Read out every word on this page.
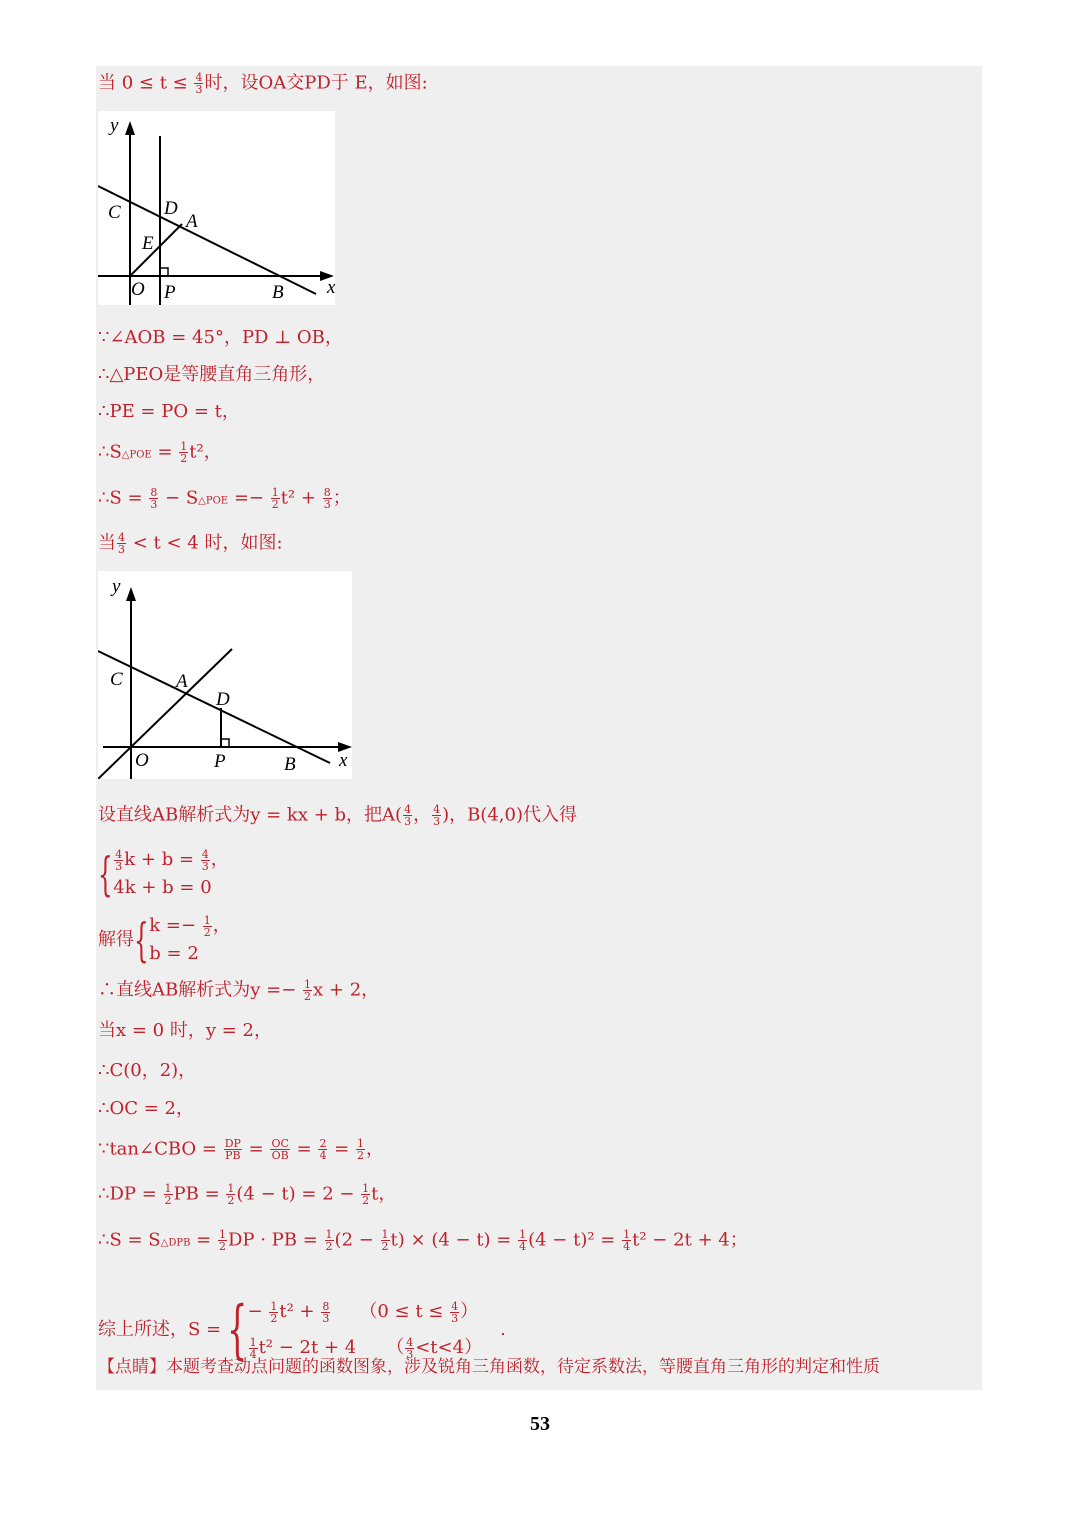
当 $0 \le t \le \frac{4}{3}$ 时，设OA交PD于 E，如图:
y
x
C D
A
E
O P	B
∵∠AOB = 45°，PD ⊥ OB，
∴△PEO是等腰直角三角形，
∴PE = PO = t，
∴S△POE = $\frac{1}{2} t^2$，
∴S = $\frac{8}{3}$ − S△POE =− $\frac{1}{2} t^2 + \frac{8}{3}$ ；
当 $\frac{4}{3} < t < 4$ 时，如图:
y
x
C	A
D
O	P	B
设直线AB解析式为y = kx + b，把$A( \frac{4}{3}$ ， $\frac{4}{3}$ )，B(4,0)代入得
{ $\frac{4}{3}$ $k + b = \frac{4}{3}$ ，
4k + b = 0
解得{ $k =- \frac{1}{2}$ ，
b = 2
∴直线AB解析式为$y =- \frac{1}{2}$ x + 2，
当x = 0 时，y = 2，
∴C(0，2)，
∴OC = 2，
∵tan∠CBO = $\frac{DP}{PB} = \frac{OC}{OB} = \frac{2}{4} = \frac{1}{2}$ ，
∴DP = $\frac{1}{2}$ PB = $\frac{1}{2} (4 - t) = 2 - \frac{1}{2}$ t，
∴S = S△DPB = $\frac{1}{2}$ DP · PB = $\frac{1}{2} (2 - \frac{1}{2} t) \times (4 - t) = \frac{1}{4} (4 - t)^2 = \frac{1}{4} t^2 - 2t + 4$；
综上所述，S = { − $\frac{1}{2} t^2 + \frac{8}{3} (0 \le t \le \frac{4}{3}$ ）
$\frac{1}{4} t^2 - 2t + 4$ （ $\frac{4}{3} <t<4$）
.
【点睛】本题考查动点问题的函数图象，涉及锐角三角函数，待定系数法，等腰直角三角形的判定和性质
53
